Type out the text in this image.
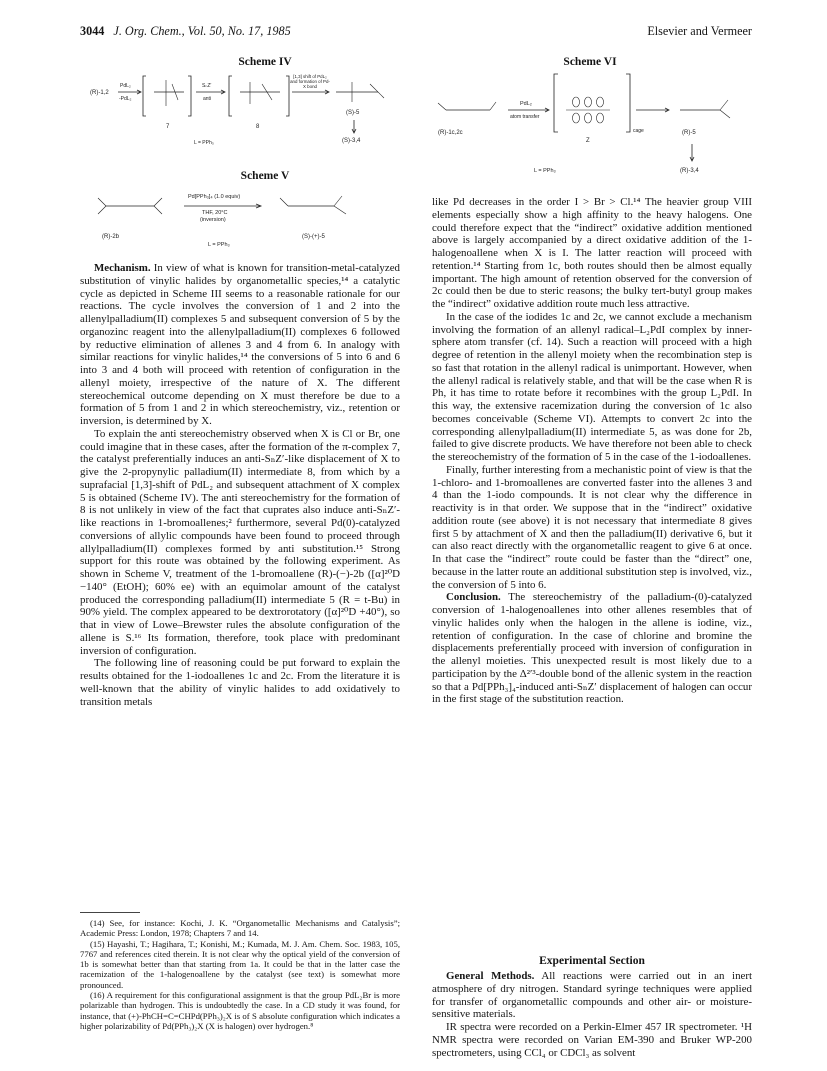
3044 J. Org. Chem., Vol. 50, No. 17, 1985	Elsevier and Vermeer
Scheme IV
(R)-1,2
PdL₂
-PdL₂
7
SₙZ′
anti
8
[1,3] shift of PdL₂ and formation of Pd-X bond
(S)-5
(S)-3,4
L = PPh₃
Scheme V
(R)-2b
Pd[PPh₃]₄ (1.0 equiv)
THF, 20°C
(inversion)
(S)-(+)-5
L = PPh₃
Scheme VI
(R)-1c,2c
PdL₂
atom transfer
Z
cage	(R)-5
(R)-3,4
L = PPh₃

Mechanism. In view of what is known for transition-metal-catalyzed substitution of vinylic halides by organometallic species,¹⁴ a catalytic cycle as depicted in Scheme III seems to a reasonable rationale for our reactions. The cycle involves the conversion of 1 and 2 into the allenylpalladium(II) complexes 5 and subsequent conversion of 5 by the organozinc reagent into the allenylpalladium(II) complexes 6 followed by reductive elimination of allenes 3 and 4 from 6. In analogy with similar reactions for vinylic halides,¹⁴ the conversions of 5 into 6 and 6 into 3 and 4 both will proceed with retention of configuration in the allenyl moiety, irrespective of the nature of X. The different stereochemical outcome depending on X must therefore be due to a formation of 5 from 1 and 2 in which stereochemistry, viz., retention or inversion, is determined by X.

To explain the anti stereochemistry observed when X is Cl or Br, one could imagine that in these cases, after the formation of the π-complex 7, the catalyst preferentially induces an anti-SₙZ′-like displacement of X to give the 2-propynylic palladium(II) intermediate 8, from which by a suprafacial [1,3]-shift of PdL₂ and subsequent attachment of X complex 5 is obtained (Scheme IV). The anti stereochemistry for the formation of 8 is not unlikely in view of the fact that cuprates also induce anti-SₙZ′-like reactions in 1-bromoallenes;² furthermore, several Pd(0)-catalyzed conversions of allylic compounds have been found to proceed through allylpalladium(II) complexes formed by anti substitution.¹⁵ Strong support for this route was obtained by the following experiment. As shown in Scheme V, treatment of the 1-bromoallene (R)-(−)-2b ([α]²⁰D −140° (EtOH); 60% ee) with an equimolar amount of the catalyst produced the corresponding palladium(II) intermediate 5 (R = t-Bu) in 90% yield. The complex appeared to be dextrorotatory ([α]²⁰D +40°), so that in view of Lowe–Brewster rules the absolute configuration of the allene is S.¹⁶ Its formation, therefore, took place with predominant inversion of configuration.

The following line of reasoning could be put forward to explain the results obtained for the 1-iodoallenes 1c and 2c. From the literature it is well-known that the ability of vinylic halides to add oxidatively to transition metals

(14) See, for instance: Kochi, J. K. “Organometallic Mechanisms and Catalysis”; Academic Press: London, 1978; Chapters 7 and 14.

(15) Hayashi, T.; Hagihara, T.; Konishi, M.; Kumada, M. J. Am. Chem. Soc. 1983, 105, 7767 and references cited therein. It is not clear why the optical yield of the conversion of 1b is somewhat better than that starting from 1a. It could be that in the latter case the racemization of the 1-halogenoallene by the catalyst (see text) is somewhat more pronounced.

(16) A requirement for this configurational assignment is that the group PdL₂Br is more polarizable than hydrogen. This is undoubtedly the case. In a CD study it was found, for instance, that (+)-PhCH=C=CHPd(PPh₃)₂X is of S absolute configuration which indicates a higher polarizability of Pd(PPh₃)₂X (X is halogen) over hydrogen.⁸

like Pd decreases in the order I > Br > Cl.¹⁴ The heavier group VIII elements especially show a high affinity to the heavy halogens. One could therefore expect that the “indirect” oxidative addition mentioned above is largely accompanied by a direct oxidative addition of the 1-halogenoallene when X is I. The latter reaction will proceed with retention.¹⁴ Starting from 1c, both routes should then be almost equally important. The high amount of retention observed for the conversion of 2c could then be due to steric reasons; the bulky tert-butyl group makes the “indirect” oxidative addition route much less attractive.

In the case of the iodides 1c and 2c, we cannot exclude a mechanism involving the formation of an allenyl radical–L₂PdI complex by inner-sphere atom transfer (cf. 14). Such a reaction will proceed with a high degree of retention in the allenyl moiety when the recombination step is so fast that rotation in the allenyl radical is unimportant. However, when the allenyl radical is relatively stable, and that will be the case when R is Ph, it has time to rotate before it recombines with the group L₂PdI. In this way, the extensive racemization during the conversion of 1c also becomes conceivable (Scheme VI). Attempts to convert 2c into the corresponding allenylpalladium(II) intermediate 5, as was done for 2b, failed to give discrete products. We have therefore not been able to check the stereochemistry of the formation of 5 in the case of the 1-iodoallenes.

Finally, further interesting from a mechanistic point of view is that the 1-chloro- and 1-bromoallenes are converted faster into the allenes 3 and 4 than the 1-iodo compounds. It is not clear why the difference in reactivity is in that order. We suppose that in the “indirect” oxidative addition route (see above) it is not necessary that intermediate 8 gives first 5 by attachment of X and then the palladium(II) derivative 6, but it can also react directly with the organometallic reagent to give 6 at once. In that case the “indirect” route could be faster than the “direct” one, because in the latter route an additional substitution step is involved, viz., the conversion of 5 into 6.

Conclusion. The stereochemistry of the palladium-(0)-catalyzed conversion of 1-halogenoallenes into other allenes resembles that of vinylic halides only when the halogen in the allene is iodine, viz., retention of configuration. In the case of chlorine and bromine the displacements preferentially proceed with inversion of configuration in the allenyl moieties. This unexpected result is most likely due to a participation by the Δ²ʹ³-double bond of the allenic system in the reaction so that a Pd[PPh₃]₄-induced anti-SₙZ′ displacement of halogen can occur in the first stage of the substitution reaction.

Experimental Section

General Methods. All reactions were carried out in an inert atmosphere of dry nitrogen. Standard syringe techniques were applied for transfer of organometallic compounds and other air- or moisture-sensitive materials.

IR spectra were recorded on a Perkin-Elmer 457 IR spectrometer. ¹H NMR spectra were recorded on Varian EM-390 and Bruker WP-200 spectrometers, using CCl₄ or CDCl₃ as solvent
